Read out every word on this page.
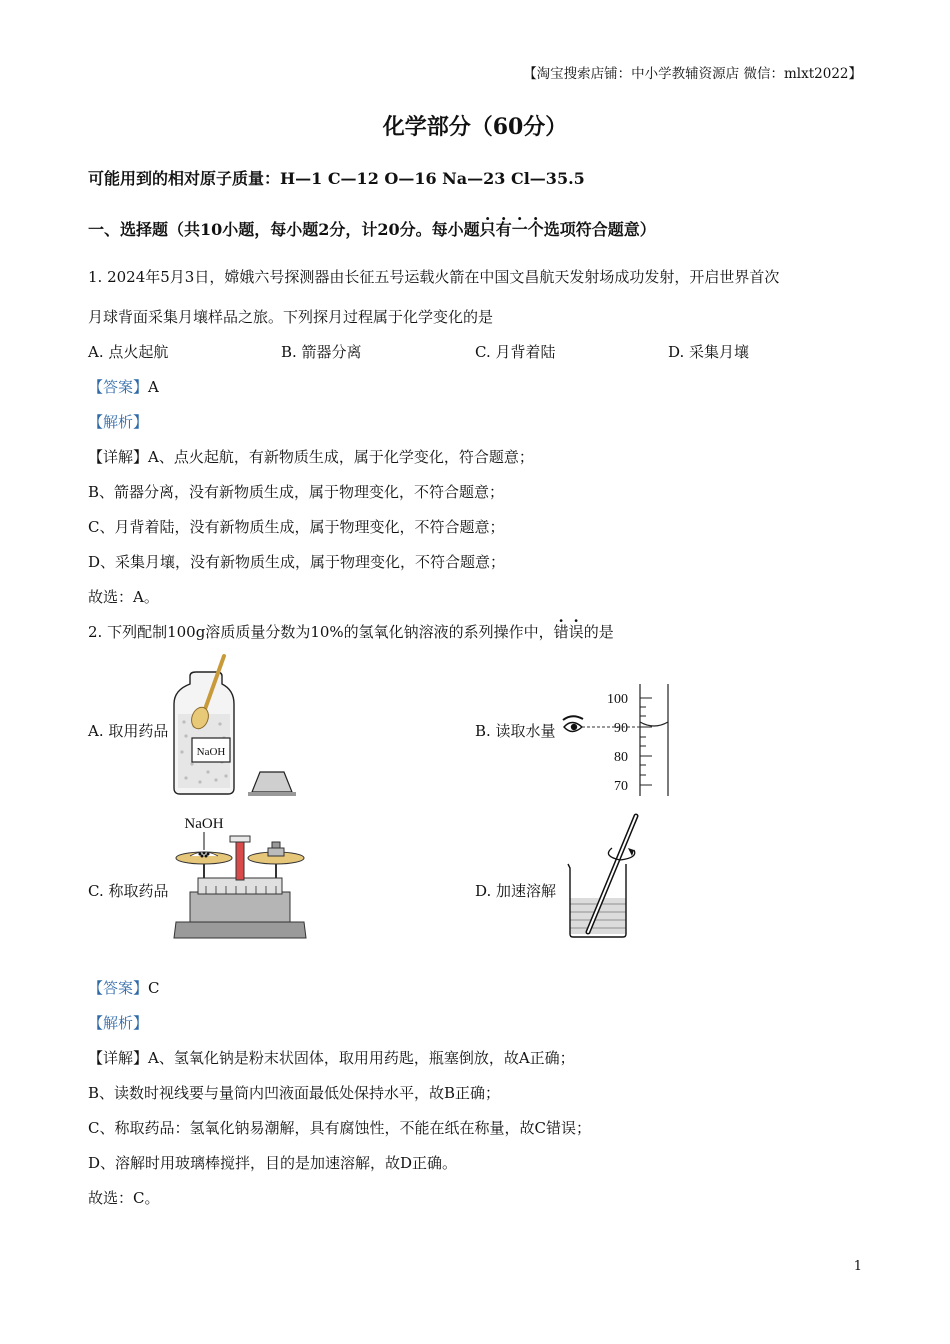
【淘宝搜索店铺：中小学教辅资源店 微信：mlxt2022】
化学部分（60分）
可能用到的相对原子质量：H—1 C—12 O—16 Na—23 Cl—35.5
一、选择题（共10小题，每小题2分，计20分。每小题只有一个选项符合题意）
1. 2024年5月3日，嫦娥六号探测器由长征五号运载火箭在中国文昌航天发射场成功发射，开启世界首次
月球背面采集月壤样品之旅。下列探月过程属于化学变化的是
A. 点火起航	B. 箭器分离	C. 月背着陆	D. 采集月壤
【答案】A
【解析】
【详解】A、点火起航，有新物质生成，属于化学变化，符合题意；
B、箭器分离，没有新物质生成，属于物理变化，不符合题意；
C、月背着陆，没有新物质生成，属于物理变化，不符合题意；
D、采集月壤，没有新物质生成，属于物理变化，不符合题意；
故选：A。
2. 下列配制100g溶质质量分数为10%的氢氧化钠溶液的系列操作中，错误的是
A. 取用药品	B. 读取水量
C. 称取药品	D. 加速溶解
NaOH
100
90
80
70
NaOH
【答案】C
【解析】
【详解】A、氢氧化钠是粉末状固体，取用用药匙，瓶塞倒放，故A正确；
B、读数时视线要与量筒内凹液面最低处保持水平，故B正确；
C、称取药品：氢氧化钠易潮解，具有腐蚀性，不能在纸在称量，故C错误；
D、溶解时用玻璃棒搅拌，目的是加速溶解，故D正确。
故选：C。
1
